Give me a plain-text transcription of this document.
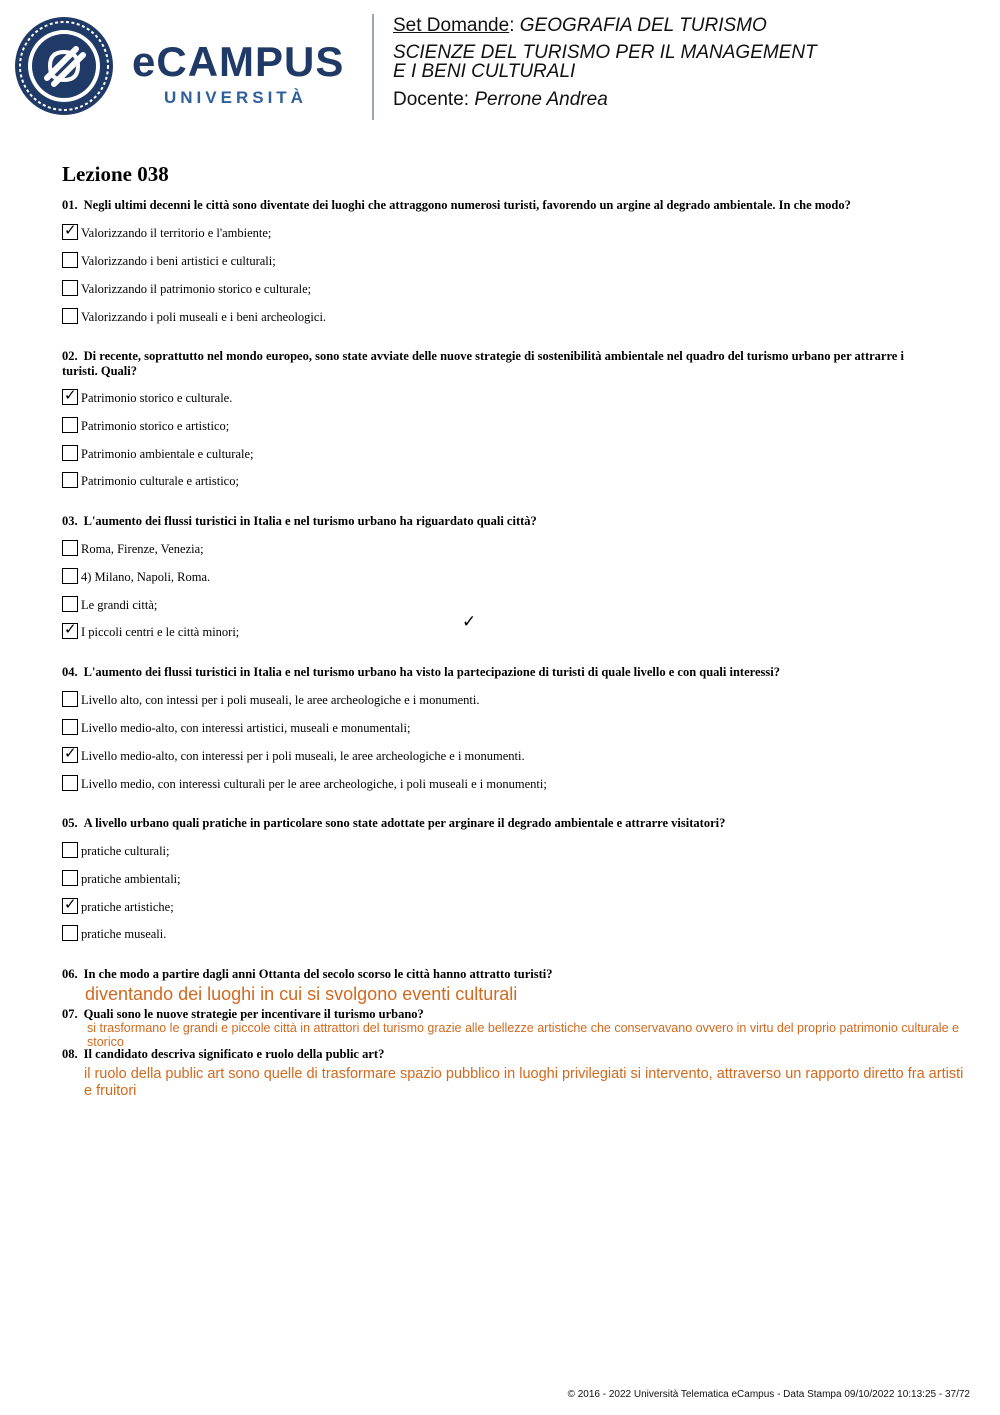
eCAMPUS
UNIVERSITÀ
Set Domande: GEOGRAFIA DEL TURISMO
SCIENZE DEL TURISMO PER IL MANAGEMENT
E I BENI CULTURALI
Docente: Perrone Andrea
Lezione 038
01. Negli ultimi decenni le città sono diventate dei luoghi che attraggono numerosi turisti, favorendo un argine al degrado ambientale. In che modo?
✓ Valorizzando il territorio e l'ambiente;
Valorizzando i beni artistici e culturali;
Valorizzando il patrimonio storico e culturale;
Valorizzando i poli museali e i beni archeologici.
02. Di recente, soprattutto nel mondo europeo, sono state avviate delle nuove strategie di sostenibilità ambientale nel quadro del turismo urbano per attrarre i turisti. Quali?
✓ Patrimonio storico e culturale.
Patrimonio storico e artistico;
Patrimonio ambientale e culturale;
Patrimonio culturale e artistico;
03. L'aumento dei flussi turistici in Italia e nel turismo urbano ha riguardato quali città?
Roma, Firenze, Venezia;
4) Milano, Napoli, Roma.
Le grandi città;
✓ I piccoli centri e le città minori;	✓
04. L'aumento dei flussi turistici in Italia e nel turismo urbano ha visto la partecipazione di turisti di quale livello e con quali interessi?
Livello alto, con intessi per i poli museali, le aree archeologiche e i monumenti.
Livello medio-alto, con interessi artistici, museali e monumentali;
✓ Livello medio-alto, con interessi per i poli museali, le aree archeologiche e i monumenti.
Livello medio, con interessi culturali per le aree archeologiche, i poli museali e i monumenti;
05. A livello urbano quali pratiche in particolare sono state adottate per arginare il degrado ambientale e attrarre visitatori?
pratiche culturali;
pratiche ambientali;
✓ pratiche artistiche;
pratiche museali.
06. In che modo a partire dagli anni Ottanta del secolo scorso le città hanno attratto turisti?
diventando dei luoghi in cui si svolgono eventi culturali
07. Quali sono le nuove strategie per incentivare il turismo urbano?
si trasformano le grandi e piccole città in attrattori del turismo grazie alle bellezze artistiche che conservavano ovvero in virtu del proprio patrimonio culturale e storico
08. Il candidato descriva significato e ruolo della public art?
il ruolo della public art sono quelle di trasformare spazio pubblico in luoghi privilegiati si intervento, attraverso un rapporto diretto fra artisti e fruitori
© 2016 - 2022 Università Telematica eCampus - Data Stampa 09/10/2022 10:13:25 - 37/72
